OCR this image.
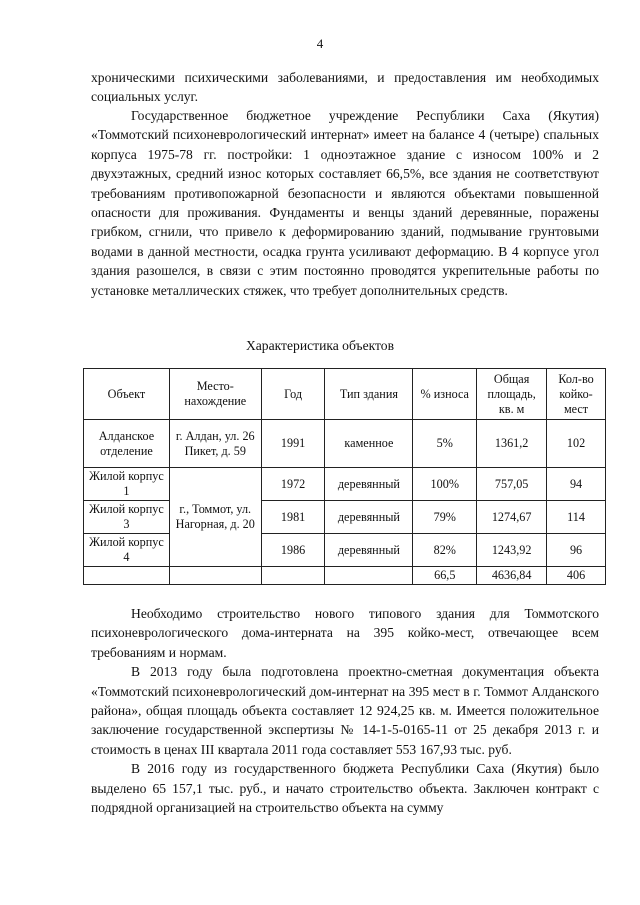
4

хроническими психическими заболеваниями, и предоставления им необходимых социальных услуг.

Государственное бюджетное учреждение Республики Саха (Якутия) «Томмотский психоневрологический интернат» имеет на балансе 4 (четыре) спальных корпуса 1975-78 гг. постройки: 1 одноэтажное здание с износом 100% и 2 двухэтажных, средний износ которых составляет 66,5%, все здания не соответствуют требованиям противопожарной безопасности и являются объектами повышенной опасности для проживания. Фундаменты и венцы зданий деревянные, поражены грибком, сгнили, что привело к деформированию зданий, подмывание грунтовыми водами в данной местности, осадка грунта усиливают деформацию. В 4 корпусе угол здания разошелся, в связи с этим постоянно проводятся укрепительные работы по установке металлических стяжек, что требует дополнительных средств.

Характеристика объектов
Объект	Место-нахождение	Год	Тип здания	% износа	Общая площадь, кв. м	Кол-во койко-мест
Алданское отделение	г. Алдан, ул. 26 Пикет, д. 59	1991	каменное	5%	1361,2	102
Жилой корпус 1	г., Томмот, ул. Нагорная, д. 20	1972	деревянный	100%	757,05	94
Жилой корпус 3		1981	деревянный	79%	1274,67	114
Жилой корпус 4		1986	деревянный	82%	1243,92	96
				66,5	4636,84	406

Необходимо строительство нового типового здания для Томмотского психоневрологического дома-интерната на 395 койко-мест, отвечающее всем требованиям и нормам.

В 2013 году была подготовлена проектно-сметная документация объекта «Томмотский психоневрологический дом-интернат на 395 мест в г. Томмот Алданского района», общая площадь объекта составляет 12 924,25 кв. м. Имеется положительное заключение государственной экспертизы № 14-1-5-0165-11 от 25 декабря 2013 г. и стоимость в ценах III квартала 2011 года составляет 553 167,93 тыс. руб.

В 2016 году из государственного бюджета Республики Саха (Якутия) было выделено 65 157,1 тыс. руб., и начато строительство объекта. Заключен контракт с подрядной организацией на строительство объекта на сумму
